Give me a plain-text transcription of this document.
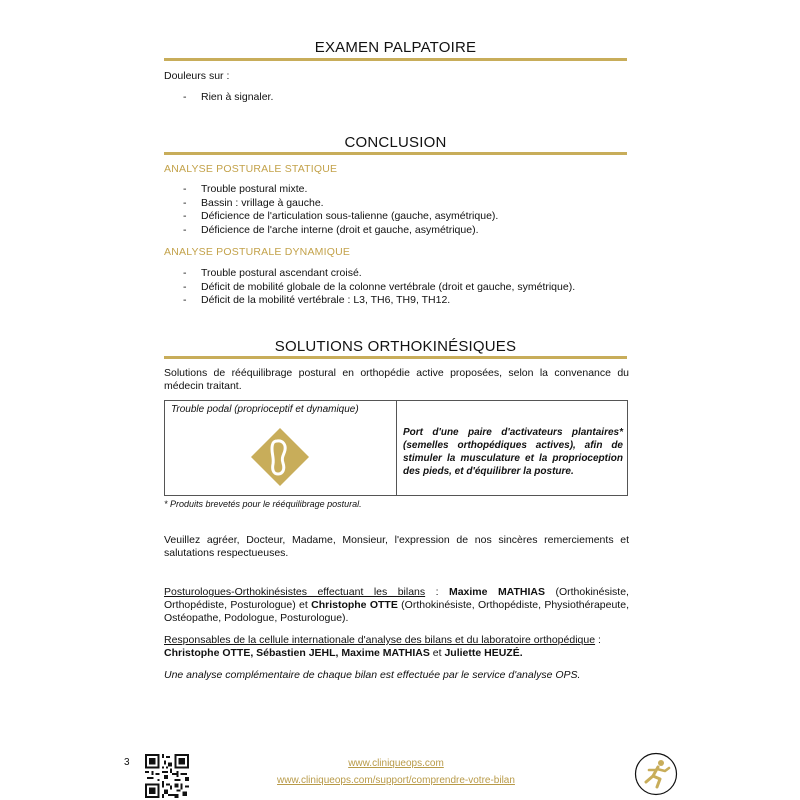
EXAMEN PALPATOIRE
Douleurs sur :
- Rien à signaler.
CONCLUSION
ANALYSE POSTURALE STATIQUE
- Trouble postural mixte.
- Bassin : vrillage à gauche.
- Déficience de l'articulation sous-talienne (gauche, asymétrique).
- Déficience de l'arche interne (droit et gauche, asymétrique).
ANALYSE POSTURALE DYNAMIQUE
- Trouble postural ascendant croisé.
- Déficit de mobilité globale de la colonne vertébrale (droit et gauche, symétrique).
- Déficit de la mobilité vertébrale : L3, TH6, TH9, TH12.
SOLUTIONS ORTHOKINÉSIQUES
Solutions de rééquilibrage postural en orthopédie active proposées, selon la convenance du médecin traitant.
Trouble podal (proprioceptif et dynamique)
Port d'une paire d'activateurs plantaires* (semelles orthopédiques actives), afin de stimuler la musculature et la proprioception des pieds, et d'équilibrer la posture.
* Produits brevetés pour le rééquilibrage postural.
Veuillez agréer, Docteur, Madame, Monsieur, l'expression de nos sincères remerciements et salutations respectueuses.
Posturologues-Orthokinésistes effectuant les bilans : Maxime MATHIAS (Orthokinésiste, Orthopédiste, Posturologue) et Christophe OTTE (Orthokinésiste, Orthopédiste, Physiothérapeute, Ostéopathe, Podologue, Posturologue).
Responsables de la cellule internationale d'analyse des bilans et du laboratoire orthopédique :
Christophe OTTE, Sébastien JEHL, Maxime MATHIAS et Juliette HEUZÉ.
Une analyse complémentaire de chaque bilan est effectuée par le service d'analyse OPS.
3	www.cliniqueops.com
www.cliniqueops.com/support/comprendre-votre-bilan
